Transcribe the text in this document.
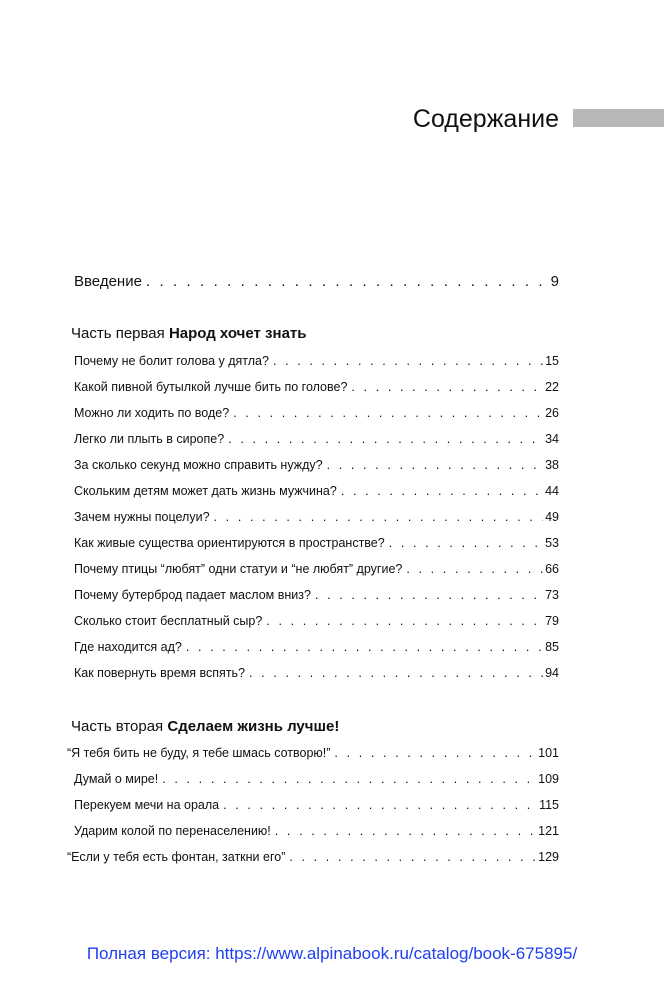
Содержание
Введение . . .	9
Часть первая Народ хочет знать
Почему не болит голова у дятла? . . .	15
Какой пивной бутылкой лучше бить по голове? . . .	22
Можно ли ходить по воде? . . .	26
Легко ли плыть в сиропе? . . .	34
За сколько секунд можно справить нужду? . . .	38
Скольким детям может дать жизнь мужчина? . . .	44
Зачем нужны поцелуи? . . .	49
Как живые существа ориентируются в пространстве? . . .	53
Почему птицы “любят” одни статуи и “не любят” другие? . . .	66
Почему бутерброд падает маслом вниз? . . .	73
Сколько стоит бесплатный сыр? . . .	79
Где находится ад? . . .	85
Как повернуть время вспять? . . .	94
Часть вторая Сделаем жизнь лучше!
“Я тебя бить не буду, я тебе шмась сотворю!” . . .	101
Думай о мире! . . .	109
Перекуем мечи на орала . . .	115
Ударим колой по перенаселению! . . .	121
“Если у тебя есть фонтан, заткни его” . . .	129
Полная версия: https://www.alpinabook.ru/catalog/book-675895/
